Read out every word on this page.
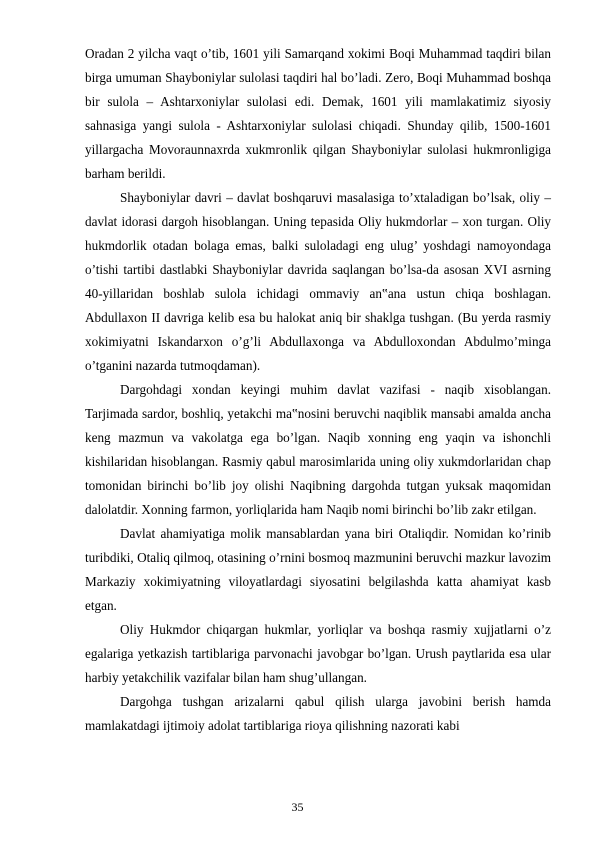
Oradan 2 yilcha vaqt o’tib, 1601 yili Samarqand xokimi Boqi Muhammad taqdiri bilan birga umuman Shayboniylar sulolasi taqdiri hal bo’ladi. Zero, Boqi Muhammad boshqa bir sulola – Ashtarxoniylar sulolasi edi. Demak, 1601 yili mamlakatimiz siyosiy sahnasiga yangi sulola - Ashtarxoniylar sulolasi chiqadi. Shunday qilib, 1500-1601 yillargacha Movoraunnaxrda xukmronlik qilgan Shayboniylar sulolasi hukmronligiga barham berildi.

Shayboniylar davri – davlat boshqaruvi masalasiga to’xtaladigan bo’lsak, oliy – davlat idorasi dargoh hisoblangan. Uning tepasida Oliy hukmdorlar – xon turgan. Oliy hukmdorlik otadan bolaga emas, balki suloladagi eng ulug’ yoshdagi namoyondaga o’tishi tartibi dastlabki Shayboniylar davrida saqlangan bo’lsa-da asosan XVI asrning 40-yillaridan boshlab sulola ichidagi ommaviy an‟ana ustun chiqa boshlagan. Abdullaxon II davriga kelib esa bu halokat aniq bir shaklga tushgan. (Bu yerda rasmiy xokimiyatni Iskandarxon o’g’li Abdullaxonga va Abdulloxondan Abdulmo’minga o’tganini nazarda tutmoqdaman).

Dargohdagi xondan keyingi muhim davlat vazifasi - naqib xisoblangan. Tarjimada sardor, boshliq, yetakchi ma‟nosini beruvchi naqiblik mansabi amalda ancha keng mazmun va vakolatga ega bo’lgan. Naqib xonning eng yaqin va ishonchli kishilaridan hisoblangan. Rasmiy qabul marosimlarida uning oliy xukmdorlaridan chap tomonidan birinchi bo’lib joy olishi Naqibning dargohda tutgan yuksak maqomidan dalolatdir. Xonning farmon, yorliqlarida ham Naqib nomi birinchi bo’lib zakr etilgan.

Davlat ahamiyatiga molik mansablardan yana biri Otaliqdir. Nomidan ko’rinib turibdiki, Otaliq qilmoq, otasining o’rnini bosmoq mazmunini beruvchi mazkur lavozim Markaziy xokimiyatning viloyatlardagi siyosatini belgilashda katta ahamiyat kasb etgan.

Oliy Hukmdor chiqargan hukmlar, yorliqlar va boshqa rasmiy xujjatlarni o’z egalariga yetkazish tartiblariga parvonachi javobgar bo’lgan. Urush paytlarida esa ular harbiy yetakchilik vazifalar bilan ham shug’ullangan.

Dargohga tushgan arizalarni qabul qilish ularga javobini berish hamda mamlakatdagi ijtimoiy adolat tartiblariga rioya qilishning nazorati kabi

35
